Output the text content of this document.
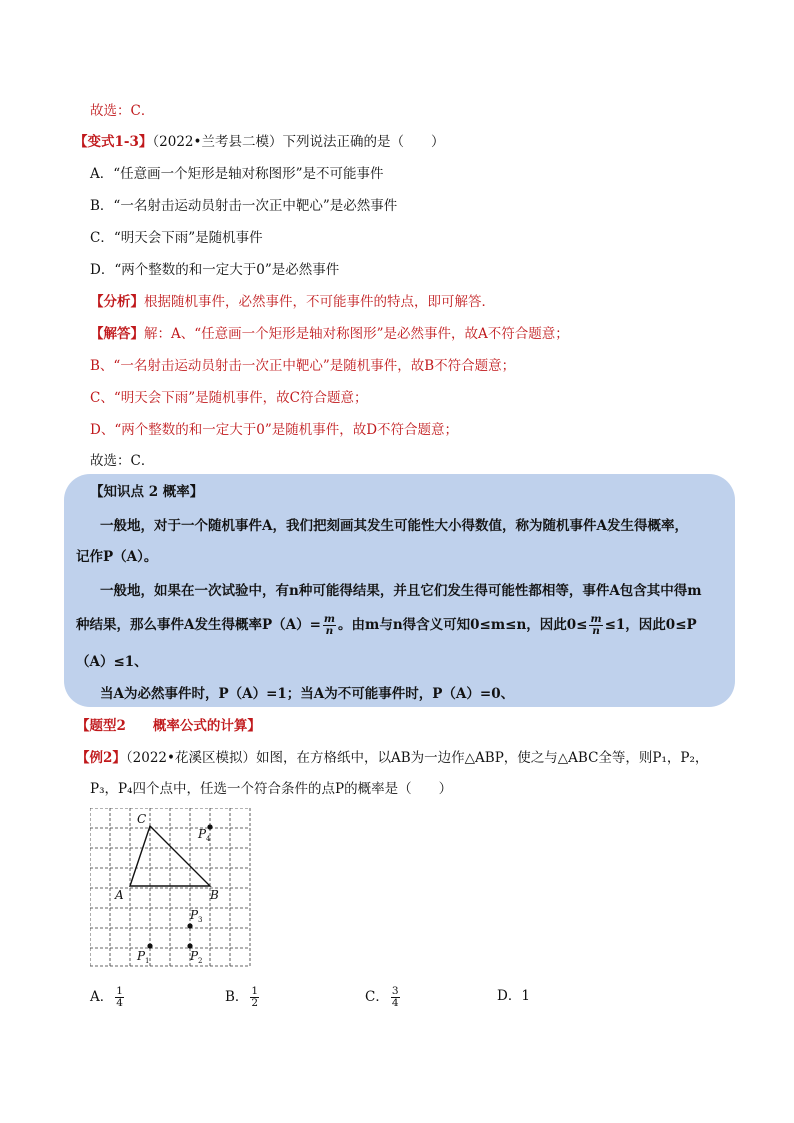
故选：C．
【变式1-3】（2022•兰考县二模）下列说法正确的是（　　）
A．“任意画一个矩形是轴对称图形”是不可能事件
B．“一名射击运动员射击一次正中靶心”是必然事件
C．“明天会下雨”是随机事件
D．“两个整数的和一定大于0”是必然事件
【分析】根据随机事件，必然事件，不可能事件的特点，即可解答．
【解答】解：A、“任意画一个矩形是轴对称图形”是必然事件，故A不符合题意；
B、“一名射击运动员射击一次正中靶心”是随机事件，故B不符合题意；
C、“明天会下雨”是随机事件，故C符合题意；
D、“两个整数的和一定大于0”是随机事件，故D不符合题意；
故选：C．
【知识点 2 概率】
一般地，对于一个随机事件A，我们把刻画其发生可能性大小得数值，称为随机事件A发生得概率，
记作P（A）。
一般地，如果在一次试验中，有n种可能得结果，并且它们发生得可能性都相等，事件A包含其中得m
种结果，那么事件A发生得概率$P(A)= \frac{m}{n}$ 。由m与n得含义可知0≤m≤n，因此$0\le \frac{m}{n} \le 1$，因此0≤P
（A）≤1、
当A为必然事件时，P（A）=1；当A为不可能事件时，P（A）=0、
【题型2　　概率公式的计算】
【例2】（2022•花溪区模拟）如图，在方格纸中，以AB为一边作△ABP，使之与△ABC全等，则P₁，P₂，
P₃，P₄四个点中，任选一个符合条件的点P的概率是（　　）
C
A	B
P
P
P	P
4
3
1	2
A． $\frac{1}{4}$	B． $\frac{1}{2}$	C． $\frac{3}{4}$	D．1
